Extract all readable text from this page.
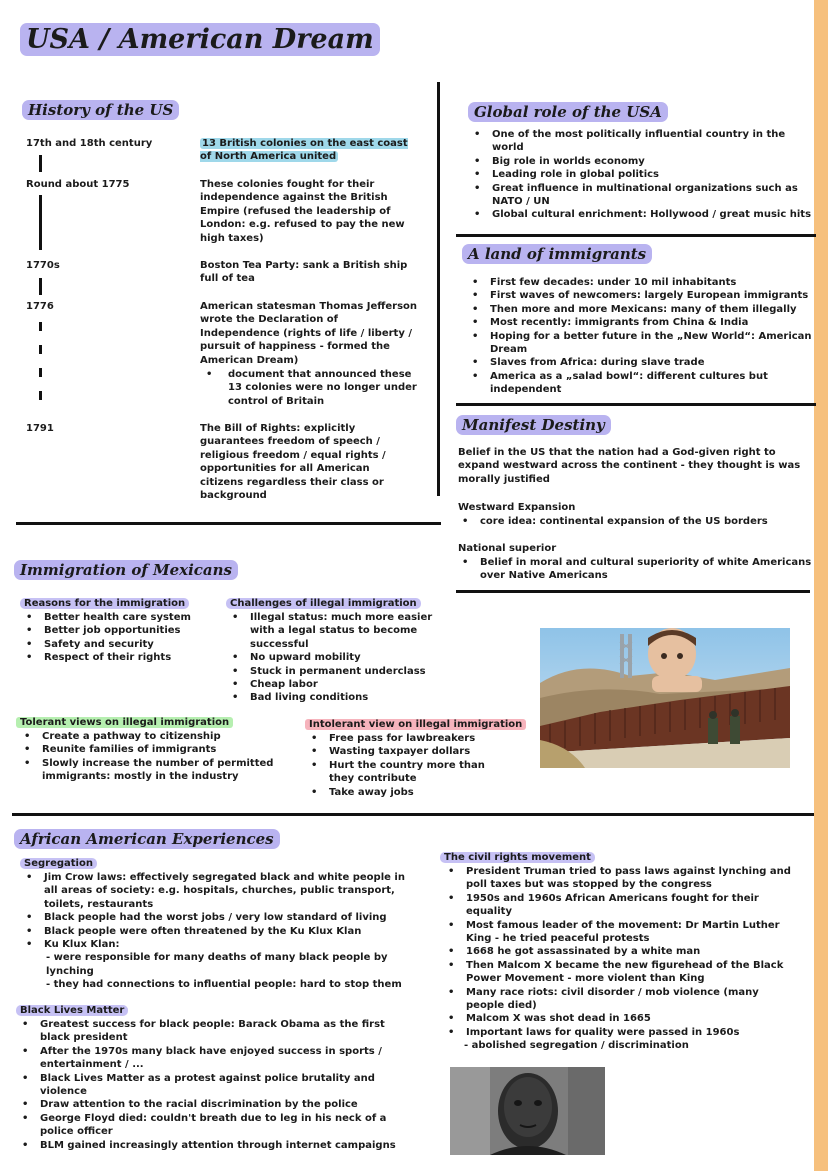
USA / American Dream
History of the US
17th and 18th century
Round about 1775
1770s
1776
1791
13 British colonies on the east coast of North America united
These colonies fought for their independence against the British Empire (refused the leadership of London: e.g. refused to pay the new high taxes)
Boston Tea Party: sank a British ship full of tea
American statesman Thomas Jefferson wrote the Declaration of Independence (rights of life / liberty / pursuit of happiness - formed the American Dream)
• document that announced these 13 colonies were no longer under control of Britain
The Bill of Rights: explicitly guarantees freedom of speech / religious freedom / equal rights / opportunities for all American citizens regardless their class or background
Global role of the USA
• One of the most politically influential country in the world
• Big role in worlds economy
• Leading role in global politics
• Great influence in multinational organizations such as NATO / UN
• Global cultural enrichment: Hollywood / great music hits
A land of immigrants
• First few decades: under 10 mil inhabitants
• First waves of newcomers: largely European immigrants
• Then more and more Mexicans: many of them illegally
• Most recently: immigrants from China & India
• Hoping for a better future in the „New World“: American Dream
• Slaves from Africa: during slave trade
• America as a „salad bowl“: different cultures but independent
Manifest Destiny
Belief in the US that the nation had a God-given right to expand westward across the continent - they thought is was morally justified
Westward Expansion
• core idea: continental expansion of the US borders
National superior
• Belief in moral and cultural superiority of white Americans over Native Americans
Immigration of Mexicans
Reasons for the immigration
• Better health care system
• Better job opportunities
• Safety and security
• Respect of their rights
Challenges of illegal immigration
• Illegal status: much more easier with a legal status to become successful
• No upward mobility
• Stuck in permanent underclass
• Cheap labor
• Bad living conditions
Tolerant views on illegal immigration
• Create a pathway to citizenship
• Reunite families of immigrants
• Slowly increase the number of permitted immigrants: mostly in the industry
Intolerant view on illegal immigration
• Free pass for lawbreakers
• Wasting taxpayer dollars
• Hurt the country more than they contribute
• Take away jobs
African American Experiences
Segregation
• Jim Crow laws: effectively segregated black and white people in all areas of society: e.g. hospitals, churches, public transport, toilets, restaurants
• Black people had the worst jobs / very low standard of living
• Black people were often threatened by the Ku Klux Klan
• Ku Klux Klan:
- were responsible for many deaths of many black people by lynching
- they had connections to influential people: hard to stop them
Black Lives Matter
• Greatest success for black people: Barack Obama as the first black president
• After the 1970s many black have enjoyed success in sports / entertainment / ...
• Black Lives Matter as a protest against police brutality and violence
• Draw attention to the racial discrimination by the police
• George Floyd died: couldn't breath due to leg in his neck of a police officer
• BLM gained increasingly attention through internet campaigns
The civil rights movement
• President Truman tried to pass laws against lynching and poll taxes but was stopped by the congress
• 1950s and 1960s African Americans fought for their equality
• Most famous leader of the movement: Dr Martin Luther King - he tried peaceful protests
• 1668 he got assassinated by a white man
• Then Malcom X became the new figurehead of the Black Power Movement - more violent than King
• Many race riots: civil disorder / mob violence (many people died)
• Malcom X was shot dead in 1665
• Important laws for quality were passed in 1960s
- abolished segregation / discrimination
